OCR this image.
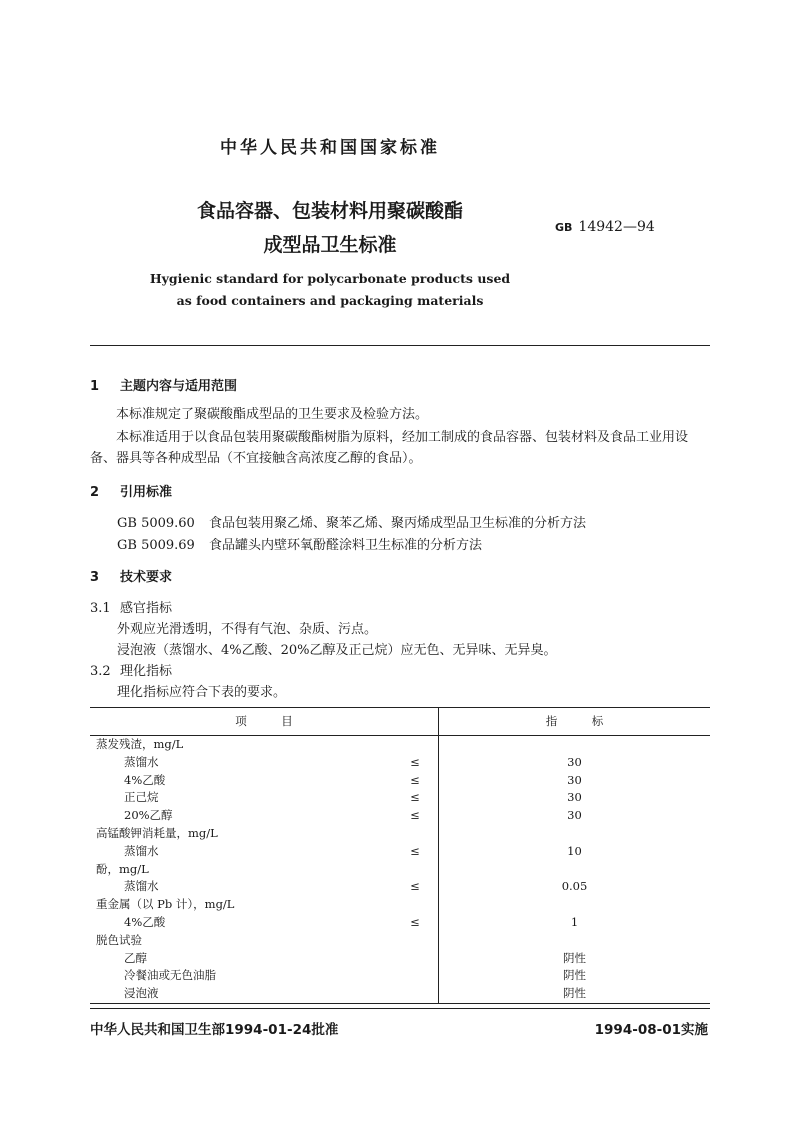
中华人民共和国国家标准
食品容器、包装材料用聚碳酸酯
成型品卫生标准
GB 14942—94
Hygienic standard for polycarbonate products used
as food containers and packaging materials
1 主题内容与适用范围
本标准规定了聚碳酸酯成型品的卫生要求及检验方法。
本标准适用于以食品包装用聚碳酸酯树脂为原料，经加工制成的食品容器、包装材料及食品工业用设备、器具等各种成型品（不宜接触含高浓度乙醇的食品）。
2 引用标准
GB 5009.60 食品包装用聚乙烯、聚苯乙烯、聚丙烯成型品卫生标准的分析方法
GB 5009.69 食品罐头内壁环氧酚醛涂料卫生标准的分析方法
3 技术要求
3.1 感官指标
外观应光滑透明，不得有气泡、杂质、污点。
浸泡液（蒸馏水、4%乙酸、20%乙醇及正己烷）应无色、无异味、无异臭。
3.2 理化指标
理化指标应符合下表的要求。
项　　　目		指　　　标
蒸发残渣，mg/L		
蒸馏水	≤	30
4%乙酸	≤	30
正己烷	≤	30
20%乙醇	≤	30
高锰酸钾消耗量，mg/L		
蒸馏水	≤	10
酚，mg/L		
蒸馏水	≤	0.05
重金属（以 Pb 计），mg/L		
4%乙酸	≤	1
脱色试验		
乙醇		阴性
冷餐油或无色油脂		阴性
浸泡液		阴性
中华人民共和国卫生部1994-01-24批准	1994-08-01实施
